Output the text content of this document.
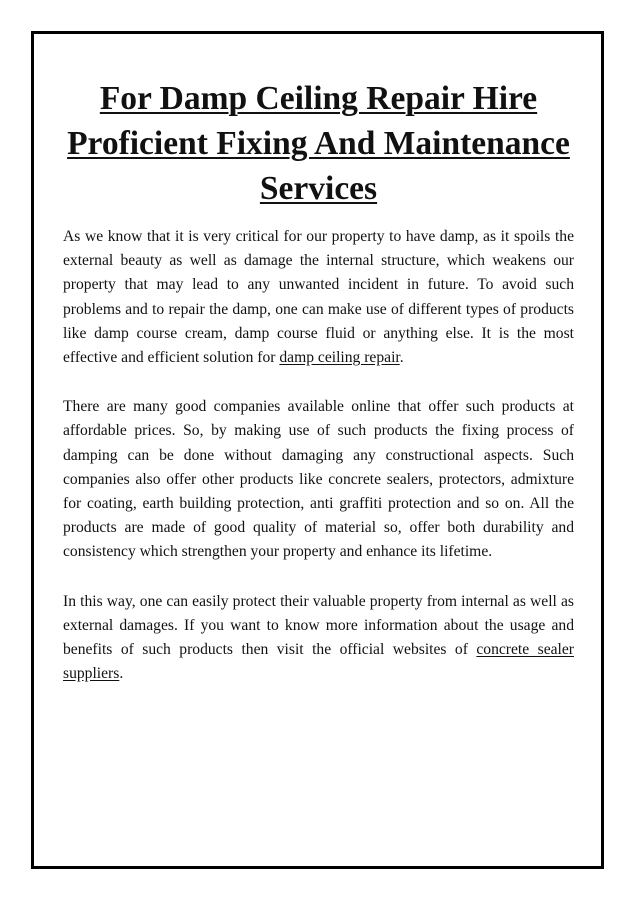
For Damp Ceiling Repair Hire Proficient Fixing And Maintenance Services

As we know that it is very critical for our property to have damp, as it spoils the external beauty as well as damage the internal structure, which weakens our property that may lead to any unwanted incident in future. To avoid such problems and to repair the damp, one can make use of different types of products like damp course cream, damp course fluid or anything else. It is the most effective and efficient solution for damp ceiling repair.

There are many good companies available online that offer such products at affordable prices. So, by making use of such products the fixing process of damping can be done without damaging any constructional aspects. Such companies also offer other products like concrete sealers, protectors, admixture for coating, earth building protection, anti graffiti protection and so on. All the products are made of good quality of material so, offer both durability and consistency which strengthen your property and enhance its lifetime.

In this way, one can easily protect their valuable property from internal as well as external damages. If you want to know more information about the usage and benefits of such products then visit the official websites of concrete sealer suppliers.
